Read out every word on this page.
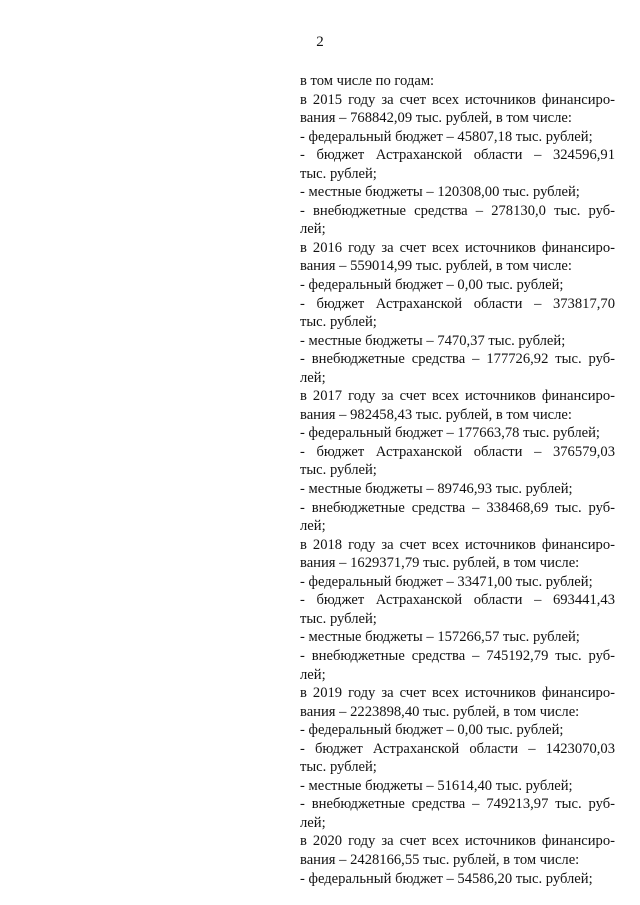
2
в том числе по годам:
в 2015 году за счет всех источников финансиро-
вания – 768842,09 тыс. рублей, в том числе:
- федеральный бюджет – 45807,18 тыс. рублей;
- бюджет Астраханской области – 324596,91
тыс. рублей;
- местные бюджеты – 120308,00 тыс. рублей;
- внебюджетные средства – 278130,0 тыс. руб-
лей;
в 2016 году за счет всех источников финансиро-
вания – 559014,99 тыс. рублей, в том числе:
- федеральный бюджет – 0,00 тыс. рублей;
- бюджет Астраханской области – 373817,70
тыс. рублей;
- местные бюджеты – 7470,37 тыс. рублей;
- внебюджетные средства – 177726,92 тыс. руб-
лей;
в 2017 году за счет всех источников финансиро-
вания – 982458,43 тыс. рублей, в том числе:
- федеральный бюджет – 177663,78 тыс. рублей;
- бюджет Астраханской области – 376579,03
тыс. рублей;
- местные бюджеты – 89746,93 тыс. рублей;
- внебюджетные средства – 338468,69 тыс. руб-
лей;
в 2018 году за счет всех источников финансиро-
вания – 1629371,79 тыс. рублей, в том числе:
- федеральный бюджет – 33471,00 тыс. рублей;
- бюджет Астраханской области – 693441,43
тыс. рублей;
- местные бюджеты – 157266,57 тыс. рублей;
- внебюджетные средства – 745192,79 тыс. руб-
лей;
в 2019 году за счет всех источников финансиро-
вания – 2223898,40 тыс. рублей, в том числе:
- федеральный бюджет – 0,00 тыс. рублей;
- бюджет Астраханской области – 1423070,03
тыс. рублей;
- местные бюджеты – 51614,40 тыс. рублей;
- внебюджетные средства – 749213,97 тыс. руб-
лей;
в 2020 году за счет всех источников финансиро-
вания – 2428166,55 тыс. рублей, в том числе:
- федеральный бюджет – 54586,20 тыс. рублей;
